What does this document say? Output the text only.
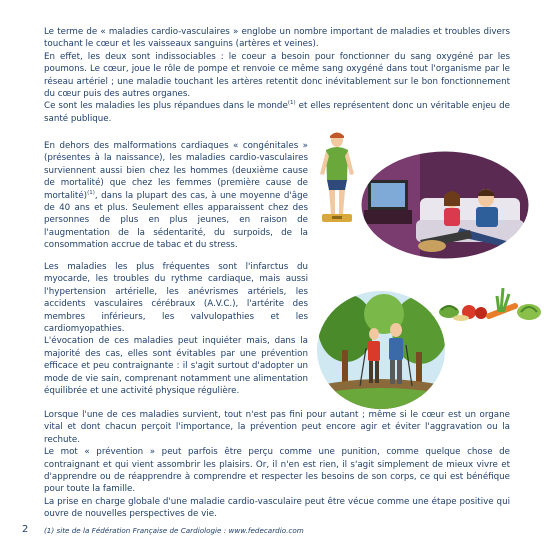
Le terme de « maladies cardio-vasculaires » englobe un nombre important de maladies et troubles divers touchant le cœur et les vaisseaux sanguins (artères et veines).
En effet, les deux sont indissociables : le coeur a besoin pour fonctionner du sang oxygéné par les poumons. Le cœur, joue le rôle de pompe et renvoie ce même sang oxygéné dans tout l'organisme par le réseau artériel ; une maladie touchant les artères retentit donc inévitablement sur le bon fonctionnement du cœur puis des autres organes.
Ce sont les maladies les plus répandues dans le monde$^{(1)}$ et elles représentent donc un véritable enjeu de santé publique.

En dehors des malformations cardiaques « congénitales » (présentes à la naissance), les maladies cardio-vasculaires surviennent aussi bien chez les hommes (deuxième cause de mortalité) que chez les femmes (première cause de mortalité)$^{(1)}$, dans la plupart des cas, à une moyenne d'âge de 40 ans et plus. Seulement elles apparaissent chez des personnes de plus en plus jeunes, en raison de l'augmentation de la sédentarité, du surpoids, de la consommation accrue de tabac et du stress.

Les maladies les plus fréquentes sont l'infarctus du myocarde, les troubles du rythme cardiaque, mais aussi l'hypertension artérielle, les anévrismes artériels, les accidents vasculaires cérébraux (A.V.C.), l'artérite des membres inférieurs, les valvulopathies et les cardiomyopathies.
L'évocation de ces maladies peut inquiéter mais, dans la majorité des cas, elles sont évitables par une prévention efficace et peu contraignante : il s'agit surtout d'adopter un mode de vie sain, comprenant notamment une alimentation équilibrée et une activité physique régulière.

Lorsque l'une de ces maladies survient, tout n'est pas fini pour autant ; même si le cœur est un organe vital et dont chacun perçoit l'importance, la prévention peut encore agir et éviter l'aggravation ou la rechute.
Le mot « prévention » peut parfois être perçu comme une punition, comme quelque chose de contraignant et qui vient assombrir les plaisirs. Or, il n'en est rien, il s'agit simplement de mieux vivre et d'apprendre ou de réapprendre à comprendre et respecter les besoins de son corps, ce qui est bénéfique pour toute la famille.
La prise en charge globale d'une maladie cardio-vasculaire peut être vécue comme une étape positive qui ouvre de nouvelles perspectives de vie.

(1) site de la Fédération Française de Cardiologie : www.fedecardio.com
2
